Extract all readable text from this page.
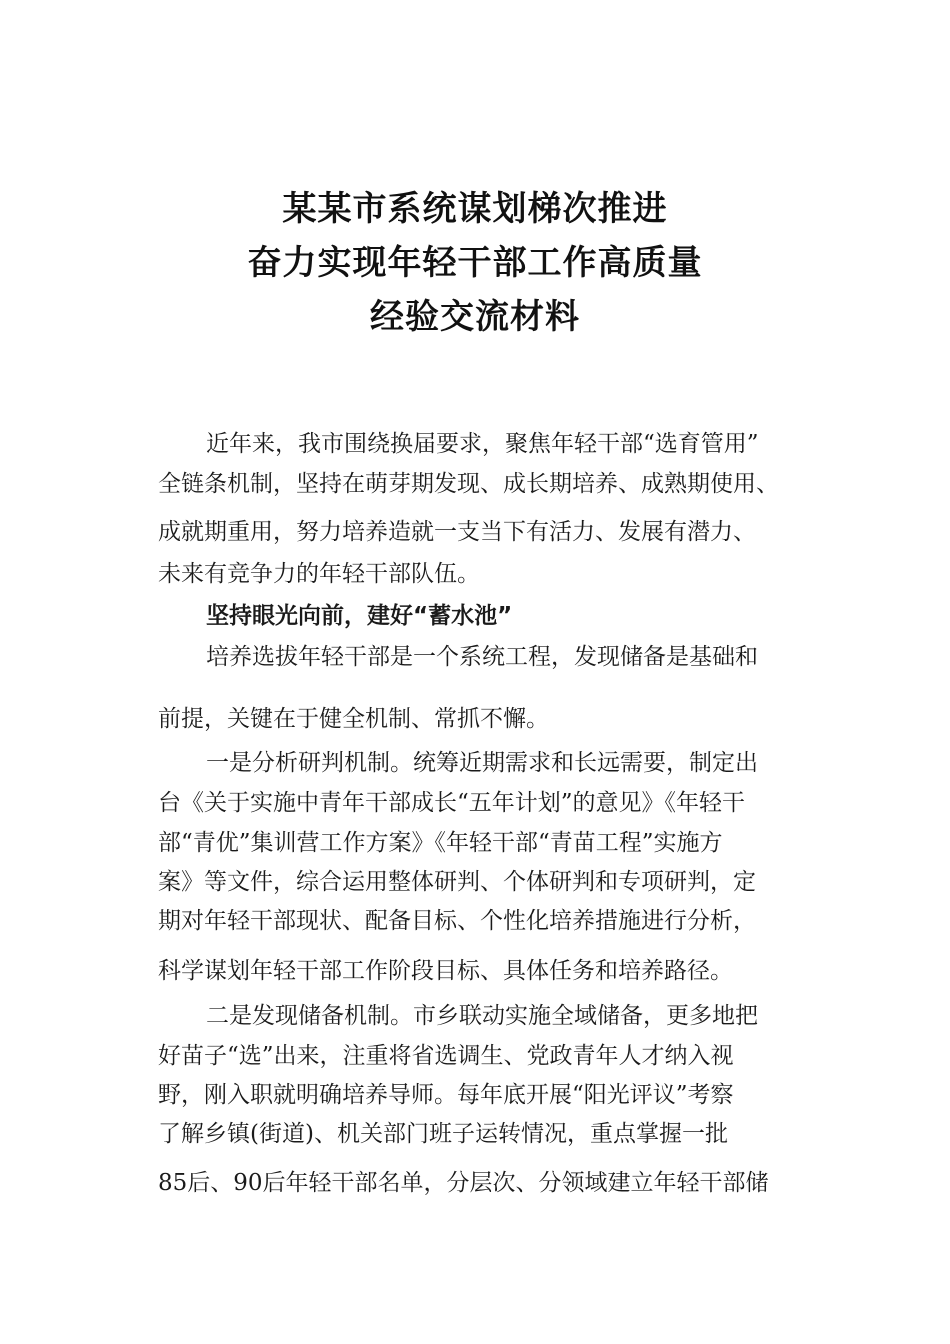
某某市系统谋划梯次推进
奋力实现年轻干部工作高质量
经验交流材料
近年来，我市围绕换届要求，聚焦年轻干部“选育管用”
全链条机制，坚持在萌芽期发现、成长期培养、成熟期使用、
成就期重用，努力培养造就一支当下有活力、发展有潜力、
未来有竞争力的年轻干部队伍。
坚持眼光向前，建好“蓄水池”
培养选拔年轻干部是一个系统工程，发现储备是基础和
前提，关键在于健全机制、常抓不懈。
一是分析研判机制。统筹近期需求和长远需要，制定出
台《关于实施中青年干部成长“五年计划”的意见》《年轻干
部“青优”集训营工作方案》《年轻干部“青苗工程”实施方
案》等文件，综合运用整体研判、个体研判和专项研判，定
期对年轻干部现状、配备目标、个性化培养措施进行分析，
科学谋划年轻干部工作阶段目标、具体任务和培养路径。
二是发现储备机制。市乡联动实施全域储备，更多地把
好苗子“选”出来，注重将省选调生、党政青年人才纳入视
野，刚入职就明确培养导师。每年底开展“阳光评议”考察
了解乡镇(街道)、机关部门班子运转情况，重点掌握一批
85后、90后年轻干部名单，分层次、分领域建立年轻干部储
